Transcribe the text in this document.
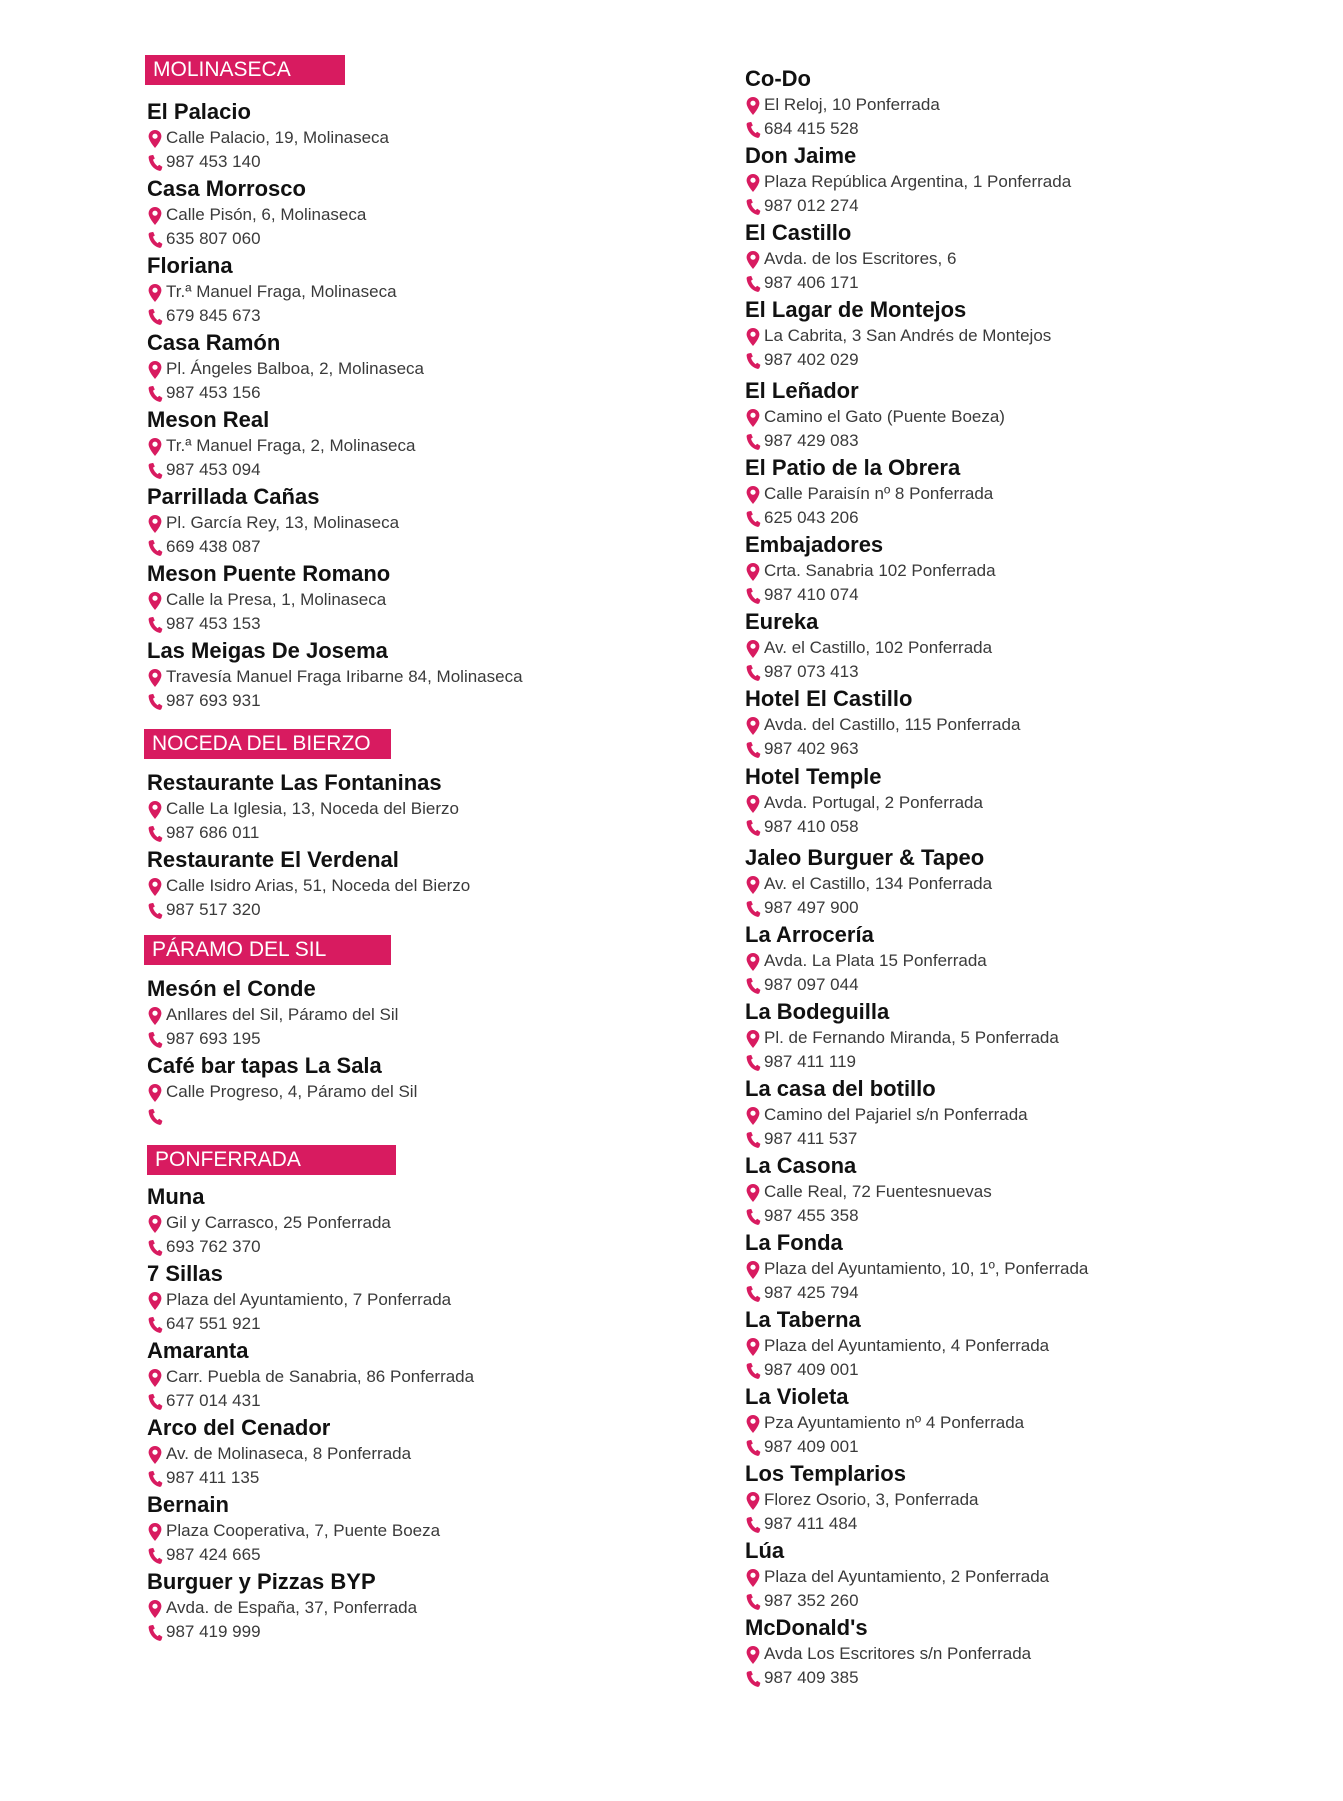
MOLINASECA
El Palacio
Calle Palacio, 19, Molinaseca
987 453 140
Casa Morrosco
Calle Pisón, 6, Molinaseca
635 807 060
Floriana
Tr.ª Manuel Fraga, Molinaseca
679 845 673
Casa Ramón
Pl. Ángeles Balboa, 2, Molinaseca
987 453 156
Meson Real
Tr.ª Manuel Fraga, 2, Molinaseca
987 453 094
Parrillada Cañas
Pl. García Rey, 13, Molinaseca
669 438 087
Meson Puente Romano
Calle la Presa, 1, Molinaseca
987 453 153
Las Meigas De Josema
Travesía Manuel Fraga Iribarne 84, Molinaseca
987 693 931
NOCEDA DEL BIERZO
Restaurante Las Fontaninas
Calle La Iglesia, 13, Noceda del Bierzo
987 686 011
Restaurante El Verdenal
Calle Isidro Arias, 51, Noceda del Bierzo
987 517 320
PÁRAMO DEL SIL
Mesón el Conde
Anllares del Sil, Páramo del Sil
987 693 195
Café bar tapas La Sala
Calle Progreso, 4, Páramo del Sil
PONFERRADA
Muna
Gil y Carrasco, 25 Ponferrada
693 762 370
7 Sillas
Plaza del Ayuntamiento, 7 Ponferrada
647 551 921
Amaranta
Carr. Puebla de Sanabria, 86 Ponferrada
677 014 431
Arco del Cenador
Av. de Molinaseca, 8 Ponferrada
987 411 135
Bernain
Plaza Cooperativa, 7, Puente Boeza
987 424 665
Burguer y Pizzas BYP
Avda. de España, 37, Ponferrada
987 419 999
Co-Do
El Reloj, 10 Ponferrada
684 415 528
Don Jaime
Plaza República Argentina, 1 Ponferrada
987 012 274
El Castillo
Avda. de los Escritores, 6
987 406 171
El Lagar de Montejos
La Cabrita, 3 San Andrés de Montejos
987 402 029
El Leñador
Camino el Gato (Puente Boeza)
987 429 083
El Patio de la Obrera
Calle Paraisín nº 8 Ponferrada
625 043 206
Embajadores
Crta. Sanabria 102 Ponferrada
987 410 074
Eureka
Av. el Castillo, 102 Ponferrada
987 073 413
Hotel El Castillo
Avda. del Castillo, 115 Ponferrada
987 402 963
Hotel Temple
Avda. Portugal, 2 Ponferrada
987 410 058
Jaleo Burguer & Tapeo
Av. el Castillo, 134 Ponferrada
987 497 900
La Arrocería
Avda. La Plata 15 Ponferrada
987 097 044
La Bodeguilla
Pl. de Fernando Miranda, 5 Ponferrada
987 411 119
La casa del botillo
Camino del Pajariel s/n Ponferrada
987 411 537
La Casona
Calle Real, 72 Fuentesnuevas
987 455 358
La Fonda
Plaza del Ayuntamiento, 10, 1º, Ponferrada
987 425 794
La Taberna
Plaza del Ayuntamiento, 4 Ponferrada
987 409 001
La Violeta
Pza Ayuntamiento nº 4 Ponferrada
987 409 001
Los Templarios
Florez Osorio, 3, Ponferrada
987 411 484
Lúa
Plaza del Ayuntamiento, 2 Ponferrada
987 352 260
McDonald's
Avda Los Escritores s/n Ponferrada
987 409 385
